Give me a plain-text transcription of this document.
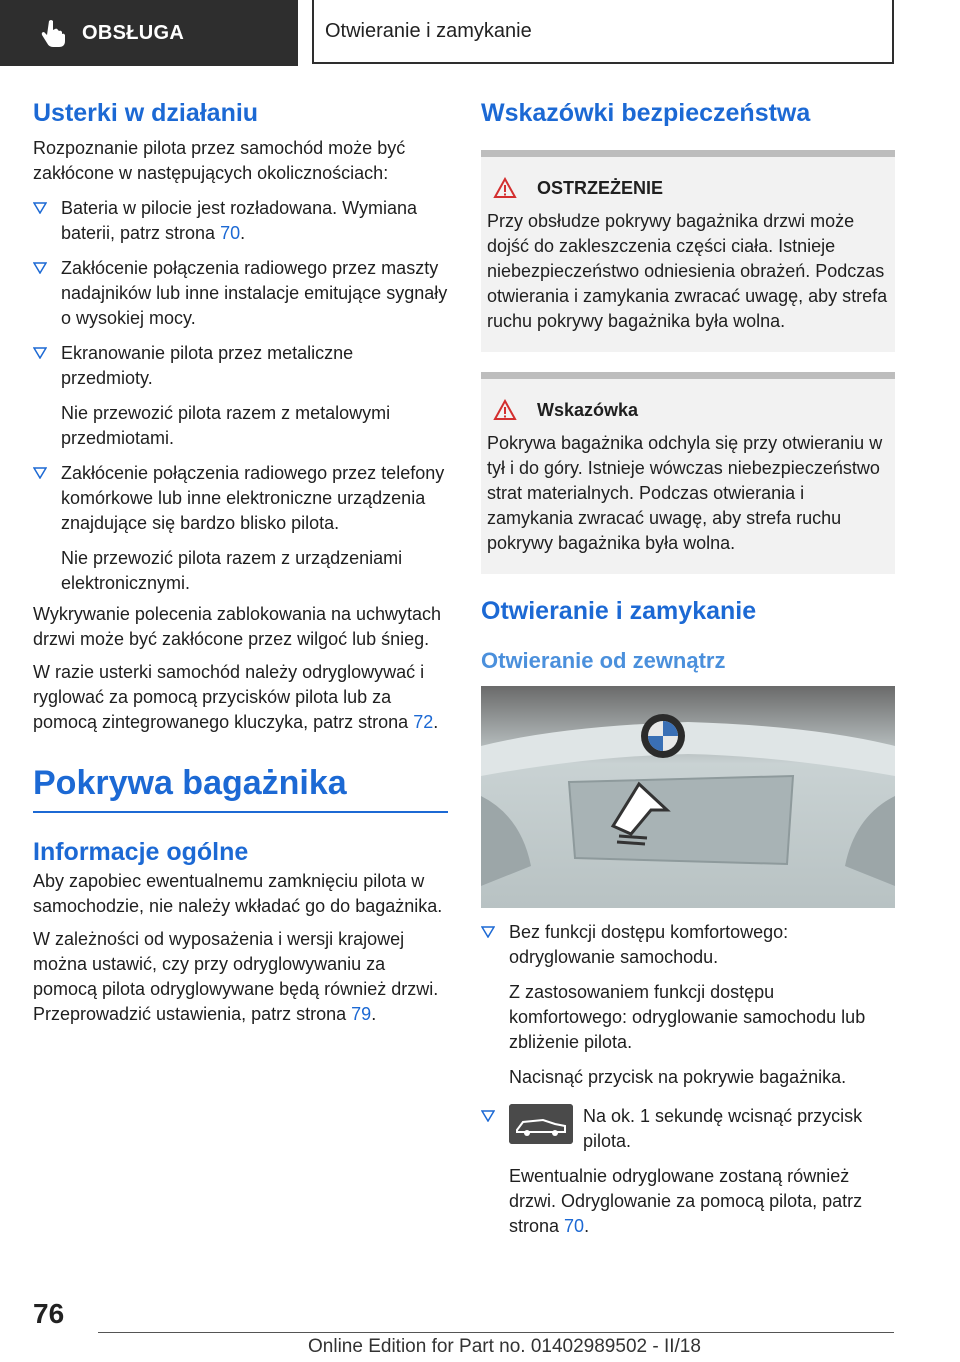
OBSŁUGA	Otwieranie i zamykanie
Usterki w działaniu

Rozpoznanie pilota przez samochód może być zakłócone w następujących okolicznościach:

Bateria w pilocie jest rozładowana. Wymiana baterii, patrz strona 70.

Zakłócenie połączenia radiowego przez maszty nadajników lub inne instalacje emitujące sygnały o wysokiej mocy.

Ekranowanie pilota przez metaliczne przedmioty.

Nie przewozić pilota razem z metalowymi przedmiotami.

Zakłócenie połączenia radiowego przez telefony komórkowe lub inne elektroniczne urządzenia znajdujące się bardzo blisko pilota.

Nie przewozić pilota razem z urządzeniami elektronicznymi.

Wykrywanie polecenia zablokowania na uchwytach drzwi może być zakłócone przez wilgoć lub śnieg.

W razie usterki samochód należy odryglowywać i ryglować za pomocą przycisków pilota lub za pomocą zintegrowanego kluczyka, patrz strona 72.

Pokrywa bagażnika
Informacje ogólne

Aby zapobiec ewentualnemu zamknięciu pilota w samochodzie, nie należy wkładać go do bagażnika.

W zależności od wyposażenia i wersji krajowej można ustawić, czy przy odryglowywaniu za pomocą pilota odryglowywane będą również drzwi. Przeprowadzić ustawienia, patrz strona 79.

Wskazówki bezpieczeństwa
OSTRZEŻENIE

Przy obsłudze pokrywy bagażnika drzwi może dojść do zakleszczenia części ciała. Istnieje niebezpieczeństwo odniesienia obrażeń. Podczas otwierania i zamykania zwracać uwagę, aby strefa ruchu pokrywy bagażnika była wolna.

Wskazówka

Pokrywa bagażnika odchyla się przy otwieraniu w tył i do góry. Istnieje wówczas niebezpieczeństwo strat materialnych. Podczas otwierania i zamykania zwracać uwagę, aby strefa ruchu pokrywy bagażnika była wolna.

Otwieranie i zamykanie
Otwieranie od zewnątrz

Bez funkcji dostępu komfortowego: odryglowanie samochodu.

Z zastosowaniem funkcji dostępu komfortowego: odryglowanie samochodu lub zbliżenie pilota.

Nacisnąć przycisk na pokrywie bagażnika.

Na ok. 1 sekundę wcisnąć przycisk pilota.

Ewentualnie odryglowane zostaną również drzwi. Odryglowanie za pomocą pilota, patrz strona 70.

76
Online Edition for Part no. 01402989502 - II/18
